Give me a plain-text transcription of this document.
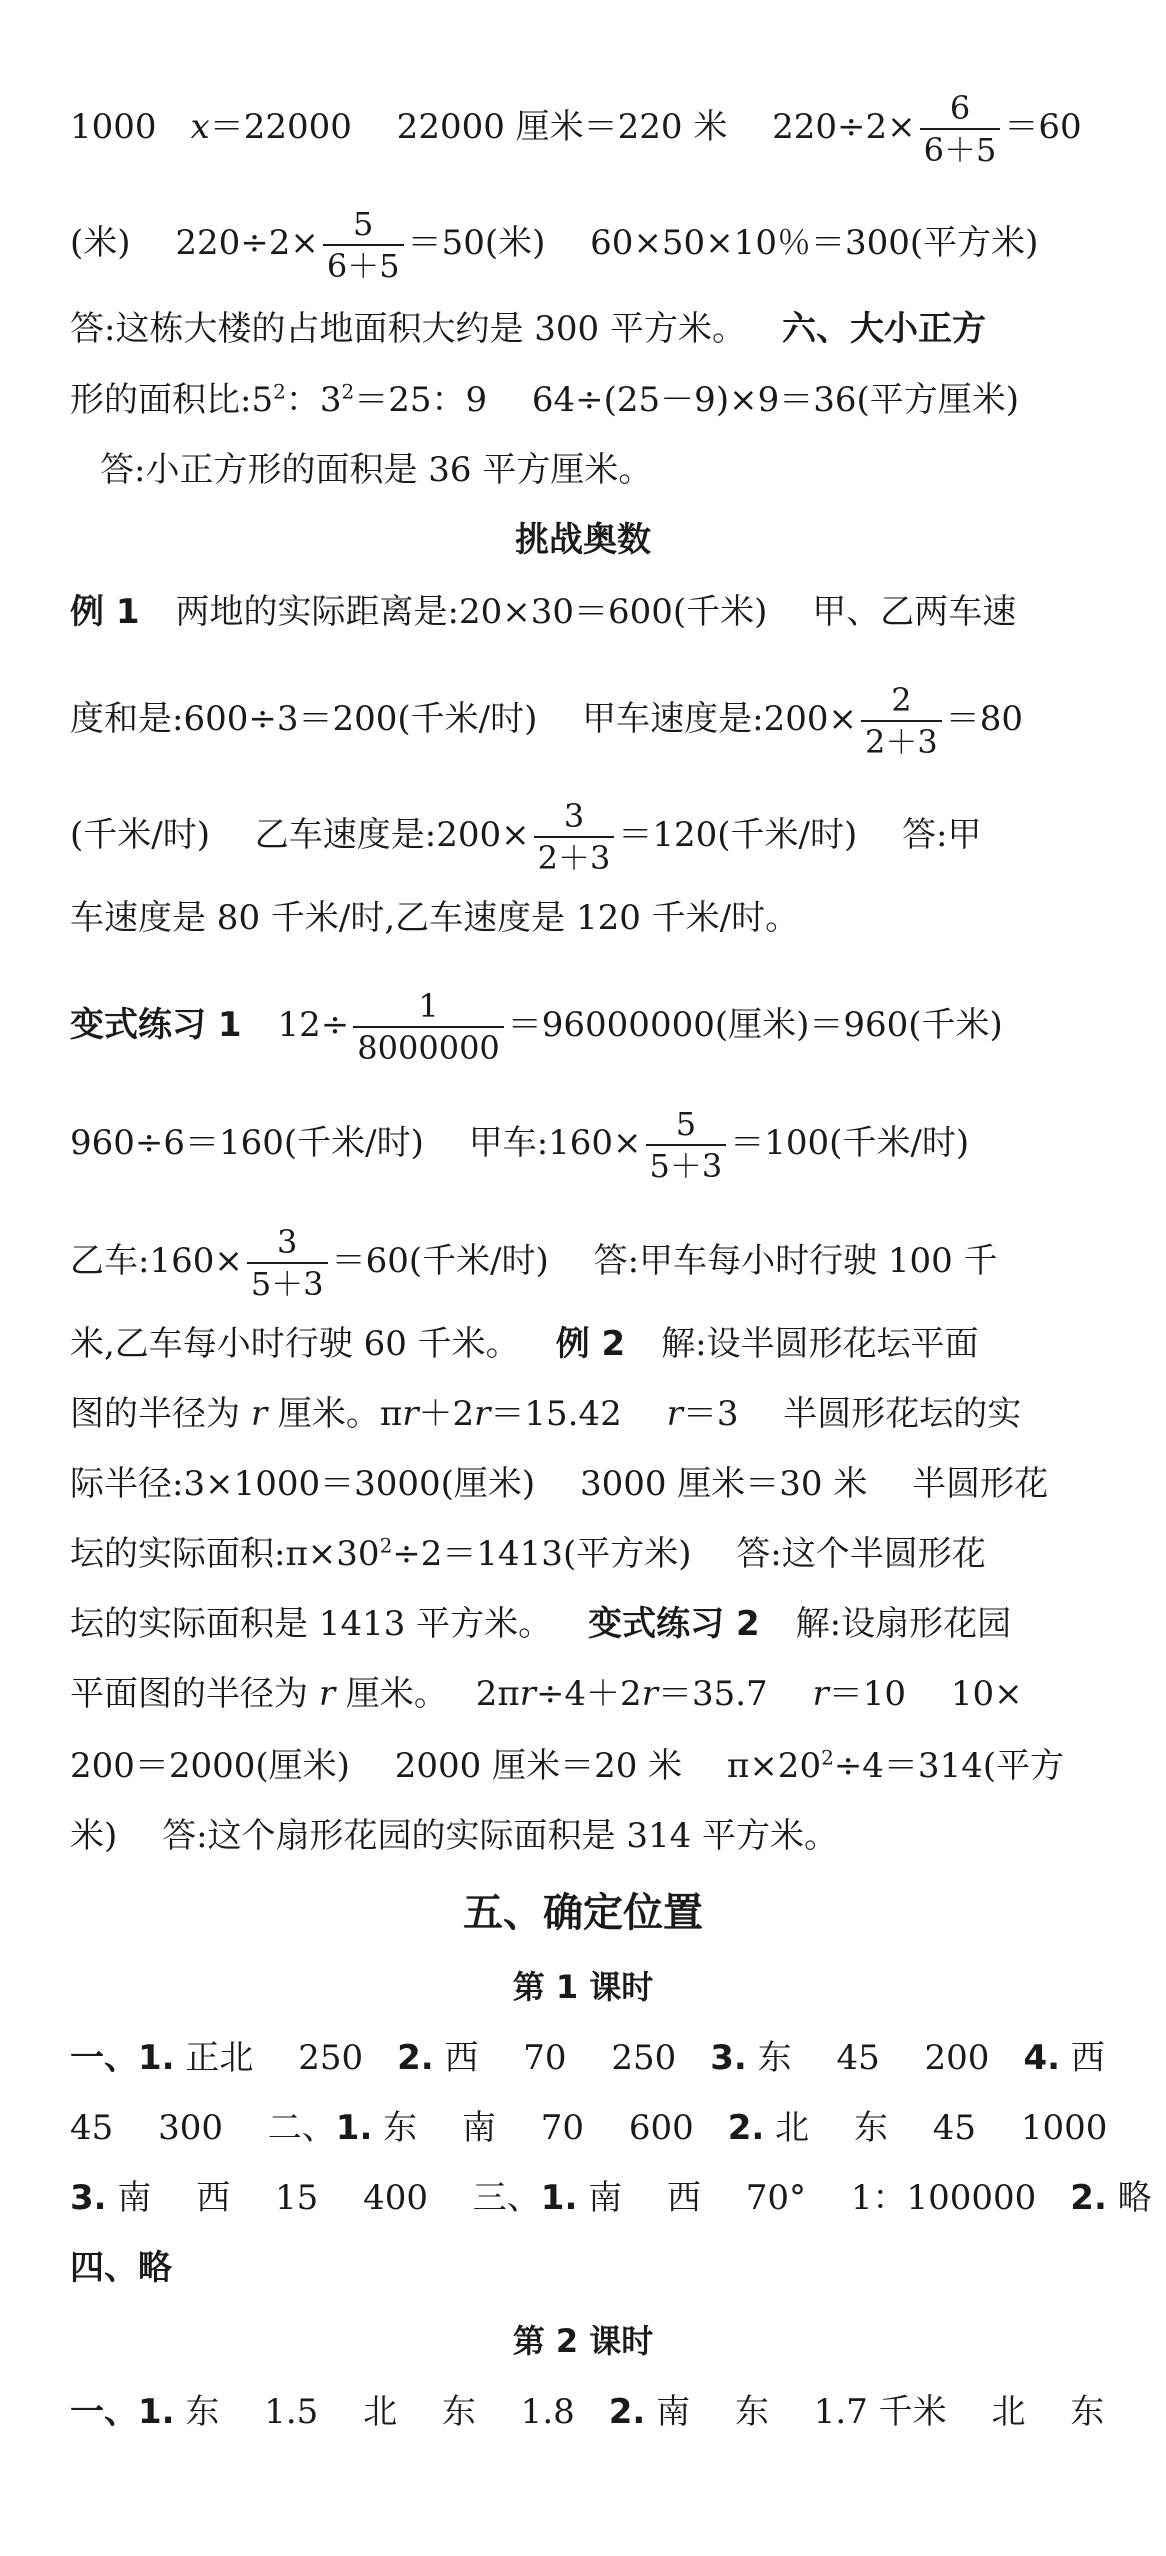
1000　x＝22000　 22000 厘米＝220 米　 $220\div 2\times \frac{6}{6+5} =60$
(米)　 $220\div 2\times \frac{5}{6+5} =50$(米)　 60×50×10％＝300(平方米)
答:这栋大楼的占地面积大约是 300 平方米。 六、大小正方
形的面积比$:5^2$：$3^2=25$：9　 64÷(25－9)×9＝36(平方厘米)
答:小正方形的面积是 36 平方厘米。
挑战奥数
例 1 两地的实际距离是:20×30＝600(千米)　 甲、乙两车速
度和是:600÷3＝200(千米/时)　 甲车速度是:200× $\frac{2}{2+3} =80$
(千米/时)　 乙车速度是:200× $\frac{3}{2+3} =120$(千米/时)　 答:甲
车速度是 80 千米/时,乙车速度是 120 千米/时。
变式练习 1 $12\div \frac{1}{8000000} =96000000$(厘米)＝960(千米)
960÷6＝160(千米/时)　 甲车:160× $\frac{5}{5+3} =100$(千米/时)
乙车:160× $\frac{3}{5+3} =60$(千米/时)　 答:甲车每小时行驶 100 千
米,乙车每小时行驶 60 千米。 例 2 解:设半圆形花坛平面
图的半径为 r 厘米。πr＋2r＝15.42　 r＝3　 半圆形花坛的实
际半径:3×1000＝3000(厘米)　 3000 厘米＝30 米　 半圆形花
坛的实际面积$:\pi\times 30^2\div 2=1413$(平方米)　 答:这个半圆形花
坛的实际面积是 1413 平方米。 变式练习 2 解:设扇形花园
平面图的半径为 r 厘米。　 2πr÷4＋2r＝35.7　 r＝10　 10×
200＝2000(厘米)　 2000 厘米＝20 米　 $\pi\times 20^2\div 4=314$(平方
米)　 答:这个扇形花园的实际面积是 314 平方米。
五、确定位置
第 1 课时
一、1. 正北　 250　2. 西　 70　 250　3. 东　 45　 200　4. 西
45　 300　 二、1. 东　 南　 70　 600　2. 北　 东　 45　 1000
3. 南　 西　 15　 400　 三、1. 南　 西　 70°　 1：100000　2. 略
四、略
第 2 课时
一、1. 东　 1.5　 北　 东　 1.8　2. 南　 东　 1.7 千米　 北　 东
